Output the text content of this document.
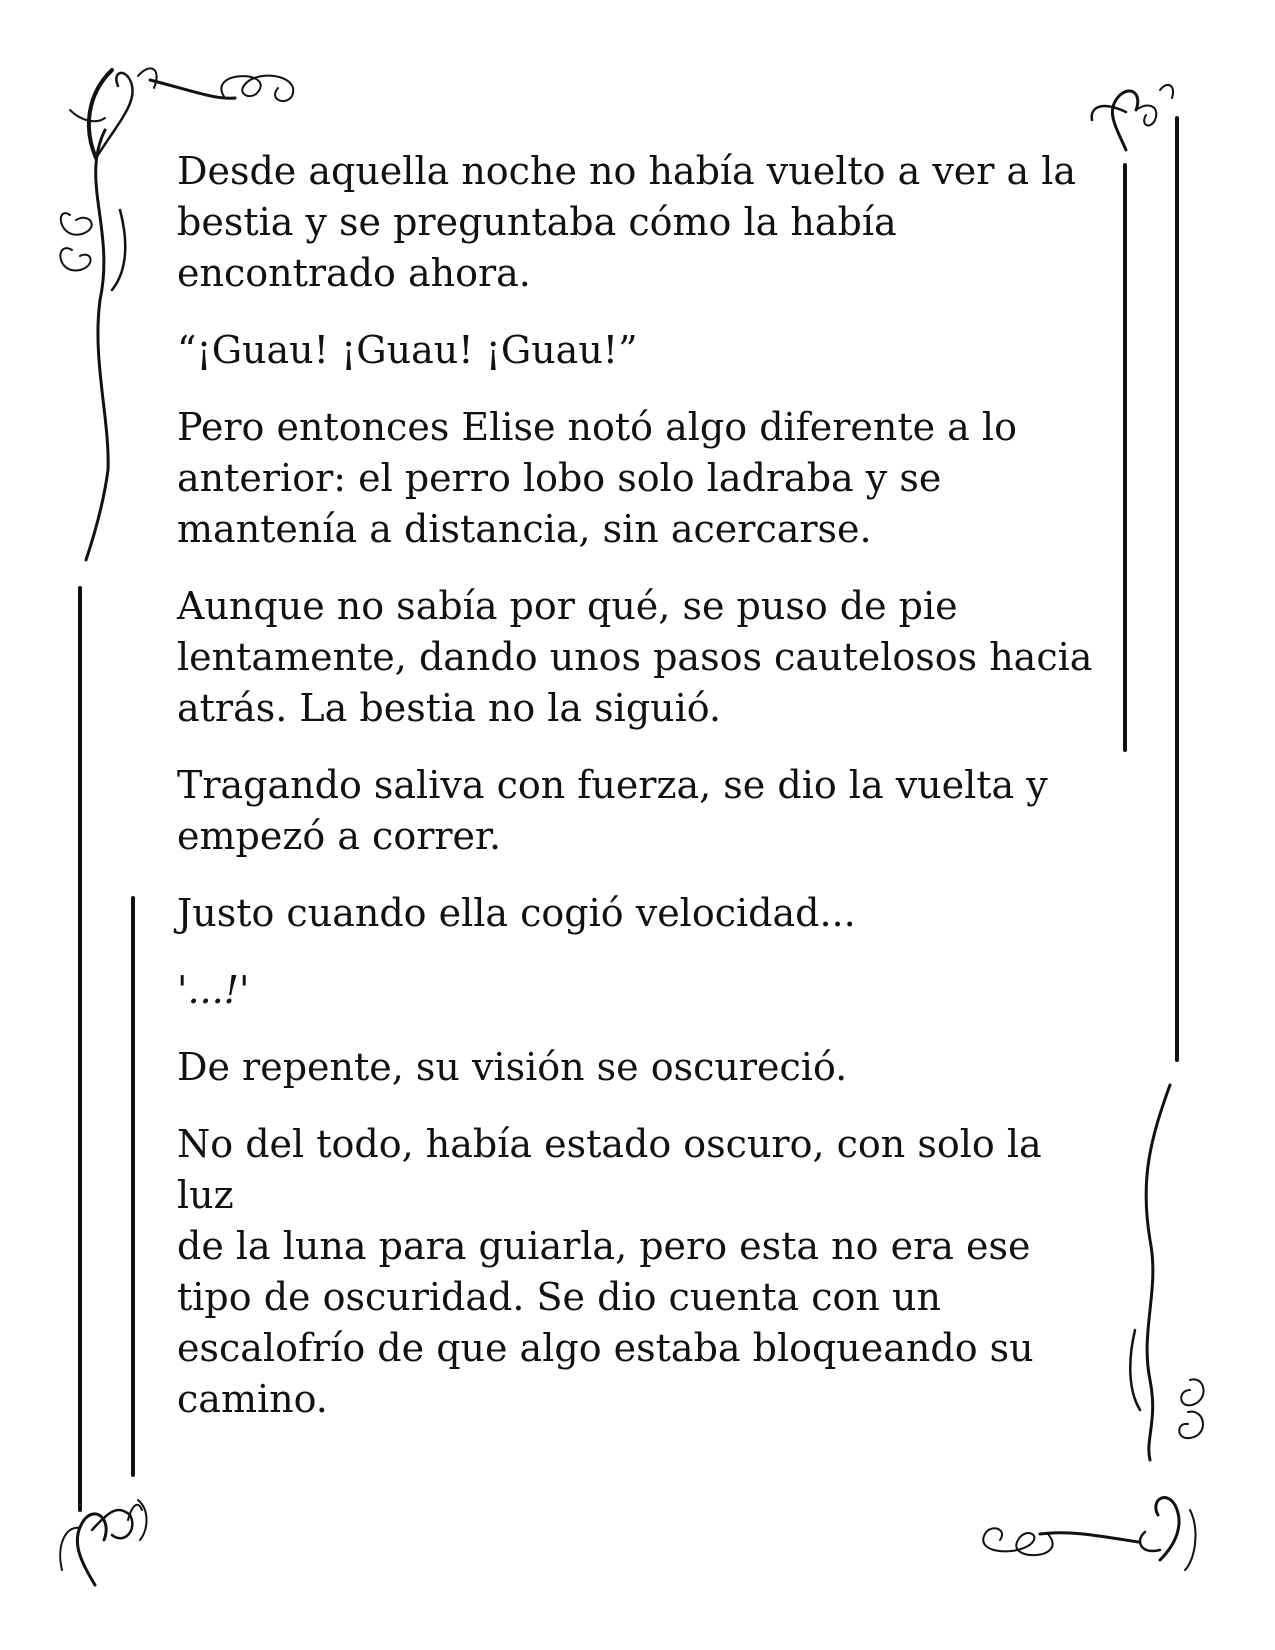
Desde aquella noche no había vuelto a ver a la
bestia y se preguntaba cómo la había
encontrado ahora.

“¡Guau! ¡Guau! ¡Guau!”

Pero entonces Elise notó algo diferente a lo
anterior: el perro lobo solo ladraba y se
mantenía a distancia, sin acercarse.

Aunque no sabía por qué, se puso de pie
lentamente, dando unos pasos cautelosos hacia
atrás. La bestia no la siguió.

Tragando saliva con fuerza, se dio la vuelta y
empezó a correr.

Justo cuando ella cogió velocidad...

'...!'

De repente, su visión se oscureció.

No del todo, había estado oscuro, con solo la luz
de la luna para guiarla, pero esta no era ese
tipo de oscuridad. Se dio cuenta con un
escalofrío de que algo estaba bloqueando su
camino.
